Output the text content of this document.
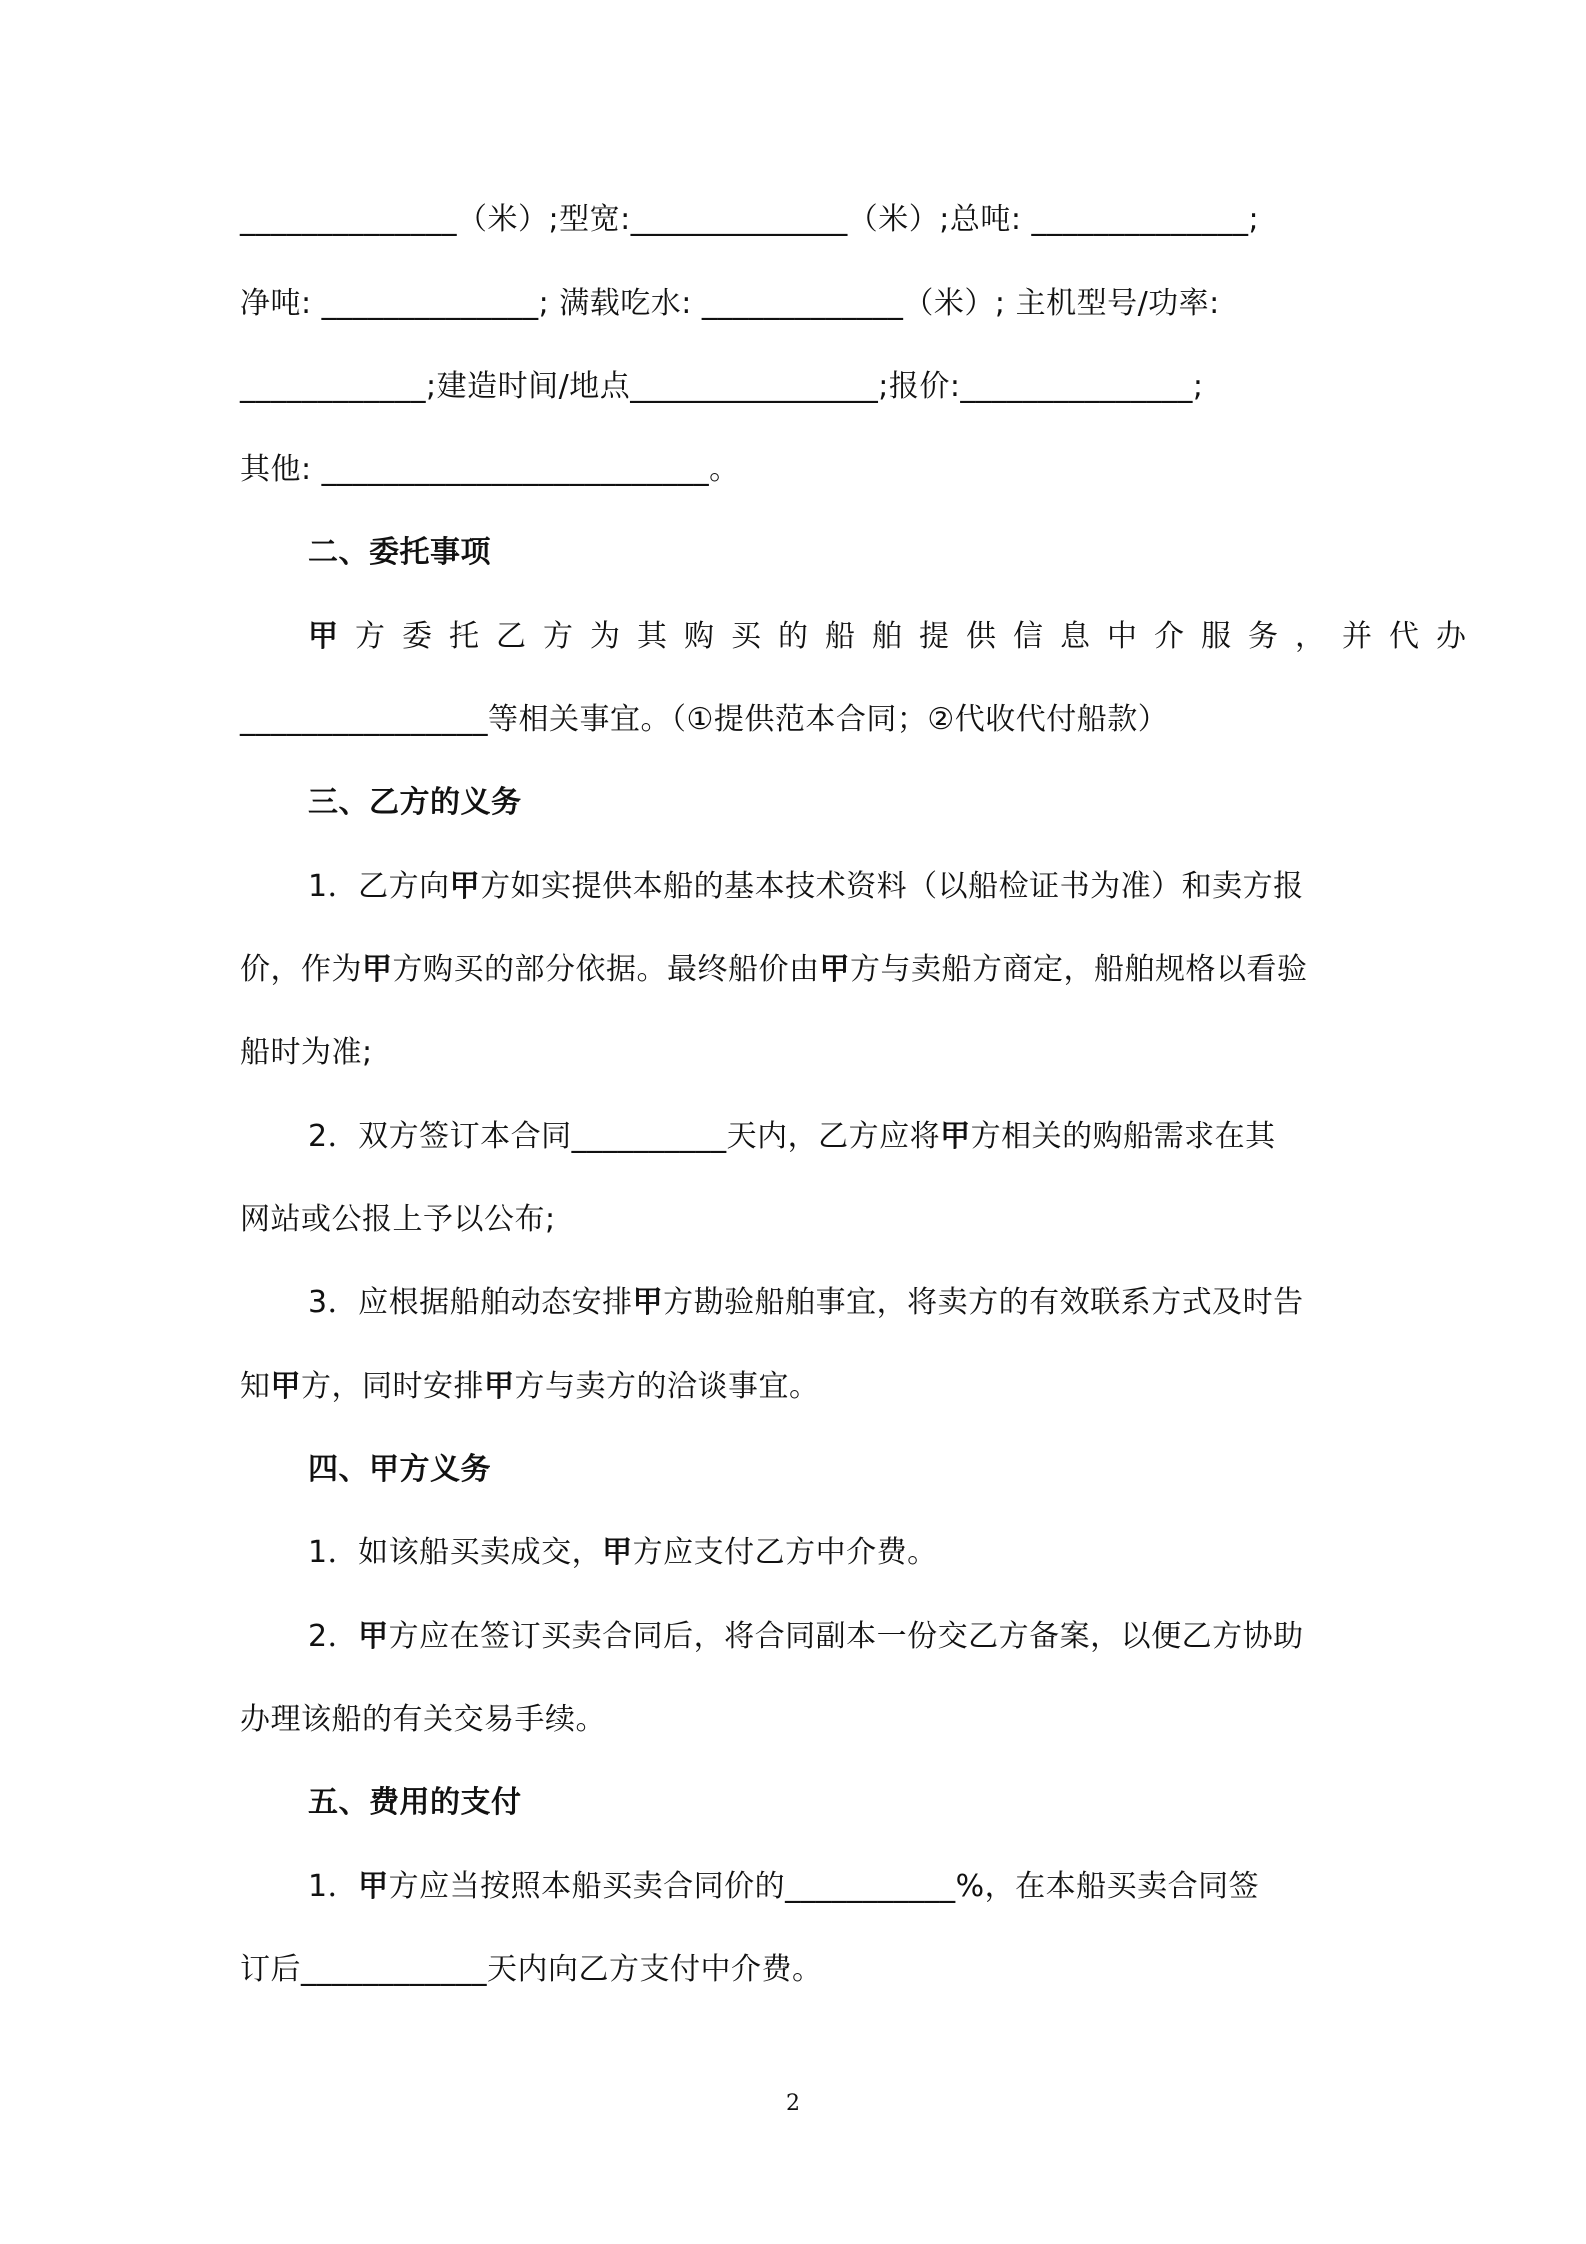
______________（米）;型宽:______________（米）;总吨: ______________;

净吨: ______________; 满载吃水: _____________（米）; 主机型号/功率:

____________;建造时间/地点________________;报价:_______________;

其他: _________________________。

二、委托事项

甲方委托乙方为其购买的船舶提供信息中介服务，并代办

________________等相关事宜。（①提供范本合同；②代收代付船款）

三、乙方的义务

1．乙方向甲方如实提供本船的基本技术资料（以船检证书为准）和卖方报

价，作为甲方购买的部分依据。最终船价由甲方与卖船方商定，船舶规格以看验

船时为准;

2．双方签订本合同__________天内，乙方应将甲方相关的购船需求在其

网站或公报上予以公布;

3．应根据船舶动态安排甲方勘验船舶事宜，将卖方的有效联系方式及时告

知甲方，同时安排甲方与卖方的洽谈事宜。

四、甲方义务

1．如该船买卖成交，甲方应支付乙方中介费。

2．甲方应在签订买卖合同后，将合同副本一份交乙方备案，以便乙方协助

办理该船的有关交易手续。

五、费用的支付

1．甲方应当按照本船买卖合同价的___________%，在本船买卖合同签

订后____________天内向乙方支付中介费。

2
